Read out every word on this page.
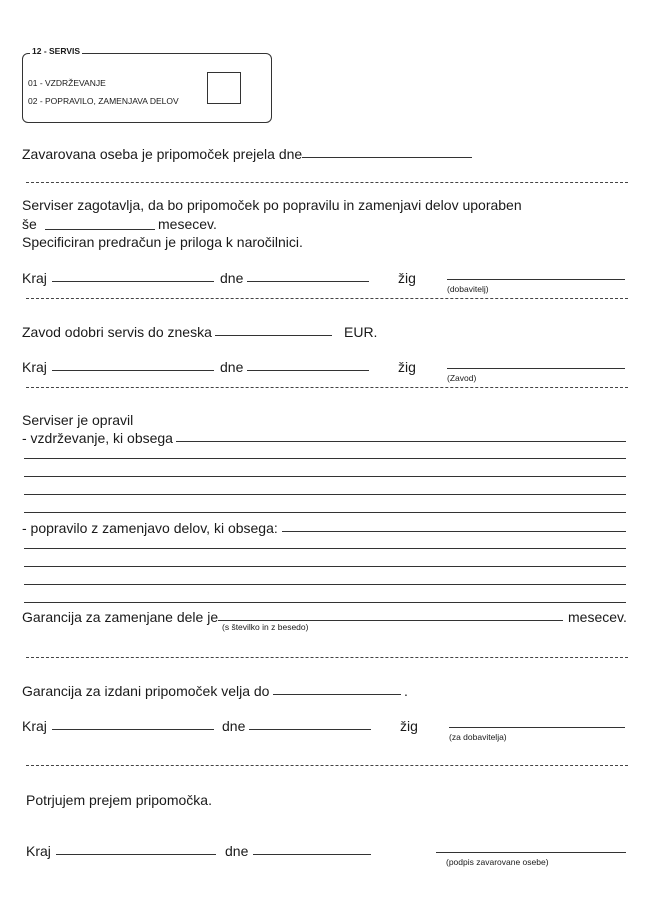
12 - SERVIS
01 - VZDRŽEVANJE
02 - POPRAVILO, ZAMENJAVA DELOV
Zavarovana oseba je pripomoček prejela dne
Serviser zagotavlja, da bo pripomoček po popravilu in zamenjavi delov uporaben
še	mesecev.
Specificiran predračun je priloga k naročilnici.
Kraj	dne	žig
(dobavitelj)
Zavod odobri servis do zneska	EUR.
Kraj	dne	žig
(Zavod)
Serviser je opravil
- vzdrževanje, ki obsega
- popravilo z zamenjavo delov, ki obsega:
Garancija za zamenjane dele je
(s številko in z besedo)
mesecev.
Garancija za izdani pripomoček velja do	.
Kraj	dne	žig
(za dobavitelja)
Potrjujem prejem pripomočka.
Kraj	dne
(podpis zavarovane osebe)
